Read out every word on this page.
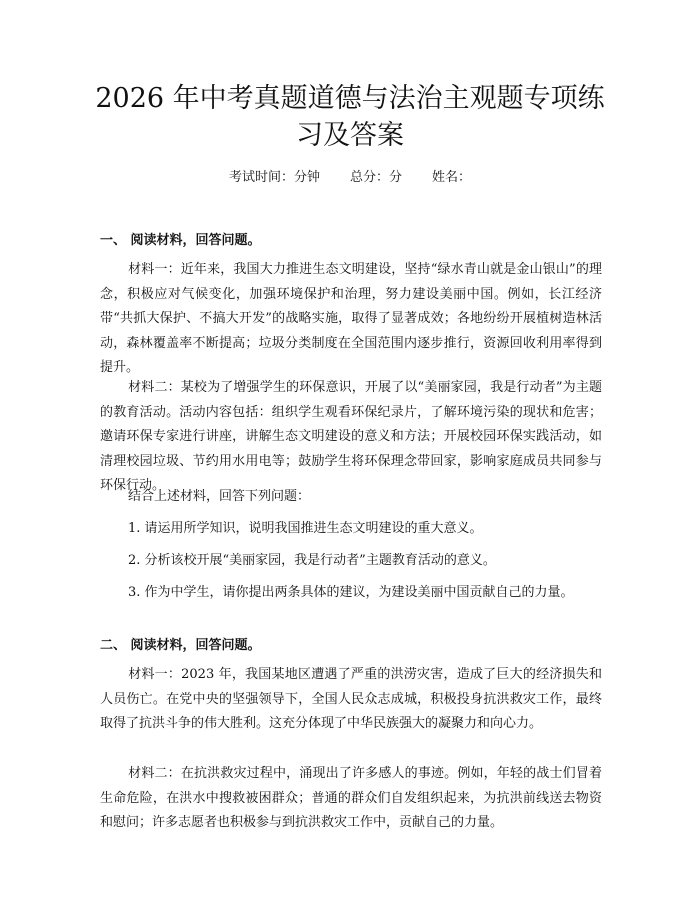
2026 年中考真题道德与法治主观题专项练习及答案
考试时间：分钟 总分：分 姓名：
一、 阅读材料，回答问题。

材料一：近年来，我国大力推进生态文明建设，坚持“绿水青山就是金山银山”的理念，积极应对气候变化，加强环境保护和治理，努力建设美丽中国。例如，长江经济带“共抓大保护、不搞大开发”的战略实施，取得了显著成效；各地纷纷开展植树造林活动，森林覆盖率不断提高；垃圾分类制度在全国范围内逐步推行，资源回收利用率得到提升。

材料二：某校为了增强学生的环保意识，开展了以“美丽家园，我是行动者”为主题的教育活动。活动内容包括：组织学生观看环保纪录片，了解环境污染的现状和危害；邀请环保专家进行讲座，讲解生态文明建设的意义和方法；开展校园环保实践活动，如清理校园垃圾、节约用水用电等；鼓励学生将环保理念带回家，影响家庭成员共同参与环保行动。

结合上述材料，回答下列问题：

1. 请运用所学知识，说明我国推进生态文明建设的重大意义。

2. 分析该校开展“美丽家园，我是行动者”主题教育活动的意义。

3. 作为中学生，请你提出两条具体的建议，为建设美丽中国贡献自己的力量。

二、 阅读材料，回答问题。

材料一：2023 年，我国某地区遭遇了严重的洪涝灾害，造成了巨大的经济损失和人员伤亡。在党中央的坚强领导下，全国人民众志成城，积极投身抗洪救灾工作，最终取得了抗洪斗争的伟大胜利。这充分体现了中华民族强大的凝聚力和向心力。

材料二：在抗洪救灾过程中，涌现出了许多感人的事迹。例如，年轻的战士们冒着生命危险，在洪水中搜救被困群众；普通的群众们自发组织起来，为抗洪前线送去物资和慰问；许多志愿者也积极参与到抗洪救灾工作中，贡献自己的力量。
